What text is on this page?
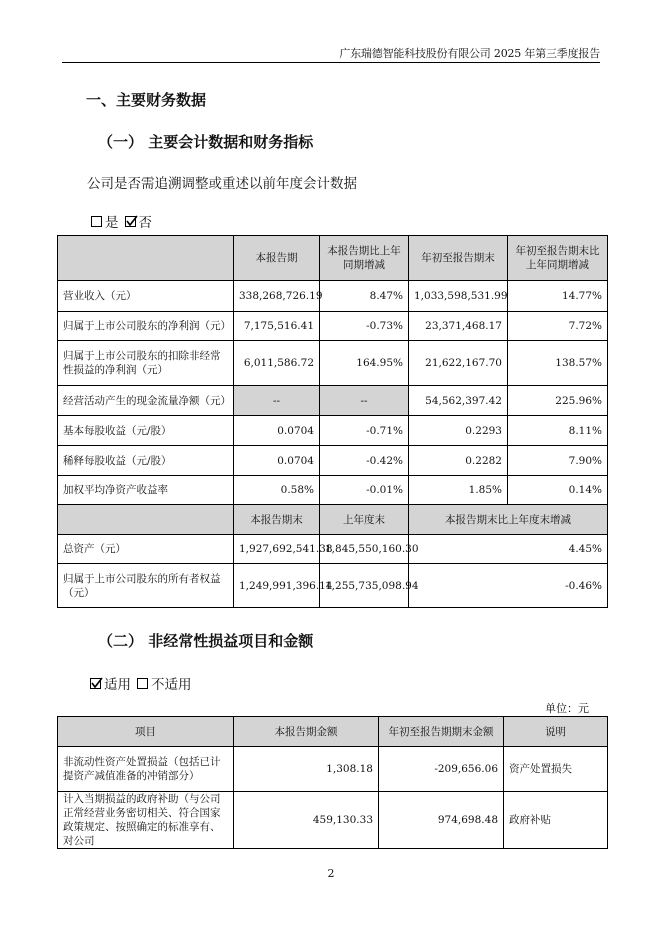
广东瑞德智能科技股份有限公司 2025 年第三季度报告
一、主要财务数据
（一） 主要会计数据和财务指标
公司是否需追溯调整或重述以前年度会计数据
是 否
	本报告期	本报告期比上年同期增减	年初至报告期末	年初至报告期末比上年同期增减
营业收入（元）	338,268,726.19	8.47%	1,033,598,531.99	14.77%
归属于上市公司股东的净利润（元）	7,175,516.41	-0.73%	23,371,468.17	7.72%
归属于上市公司股东的扣除非经常性损益的净利润（元）	6,011,586.72	164.95%	21,622,167.70	138.57%
经营活动产生的现金流量净额（元）	--	--	54,562,397.42	225.96%
基本每股收益（元/股）	0.0704	-0.71%	0.2293	8.11%
稀释每股收益（元/股）	0.0704	-0.42%	0.2282	7.90%
加权平均净资产收益率	0.58%	-0.01%	1.85%	0.14%
	本报告期末	上年度末	本报告期末比上年度末增减	
总资产（元）	1,927,692,541.38	1,845,550,160.30	4.45%	
归属于上市公司股东的所有者权益（元）	1,249,991,396.14	1,255,735,098.94	-0.46%	
（二） 非经常性损益项目和金额
适用 不适用
单位：元
项目	本报告期金额	年初至报告期期末金额	说明
非流动性资产处置损益（包括已计提资产减值准备的冲销部分）	1,308.18	-209,656.06	资产处置损失
计入当期损益的政府补助（与公司正常经营业务密切相关、符合国家政策规定、按照确定的标准享有、对公司	459,130.33	974,698.48	政府补贴
2
